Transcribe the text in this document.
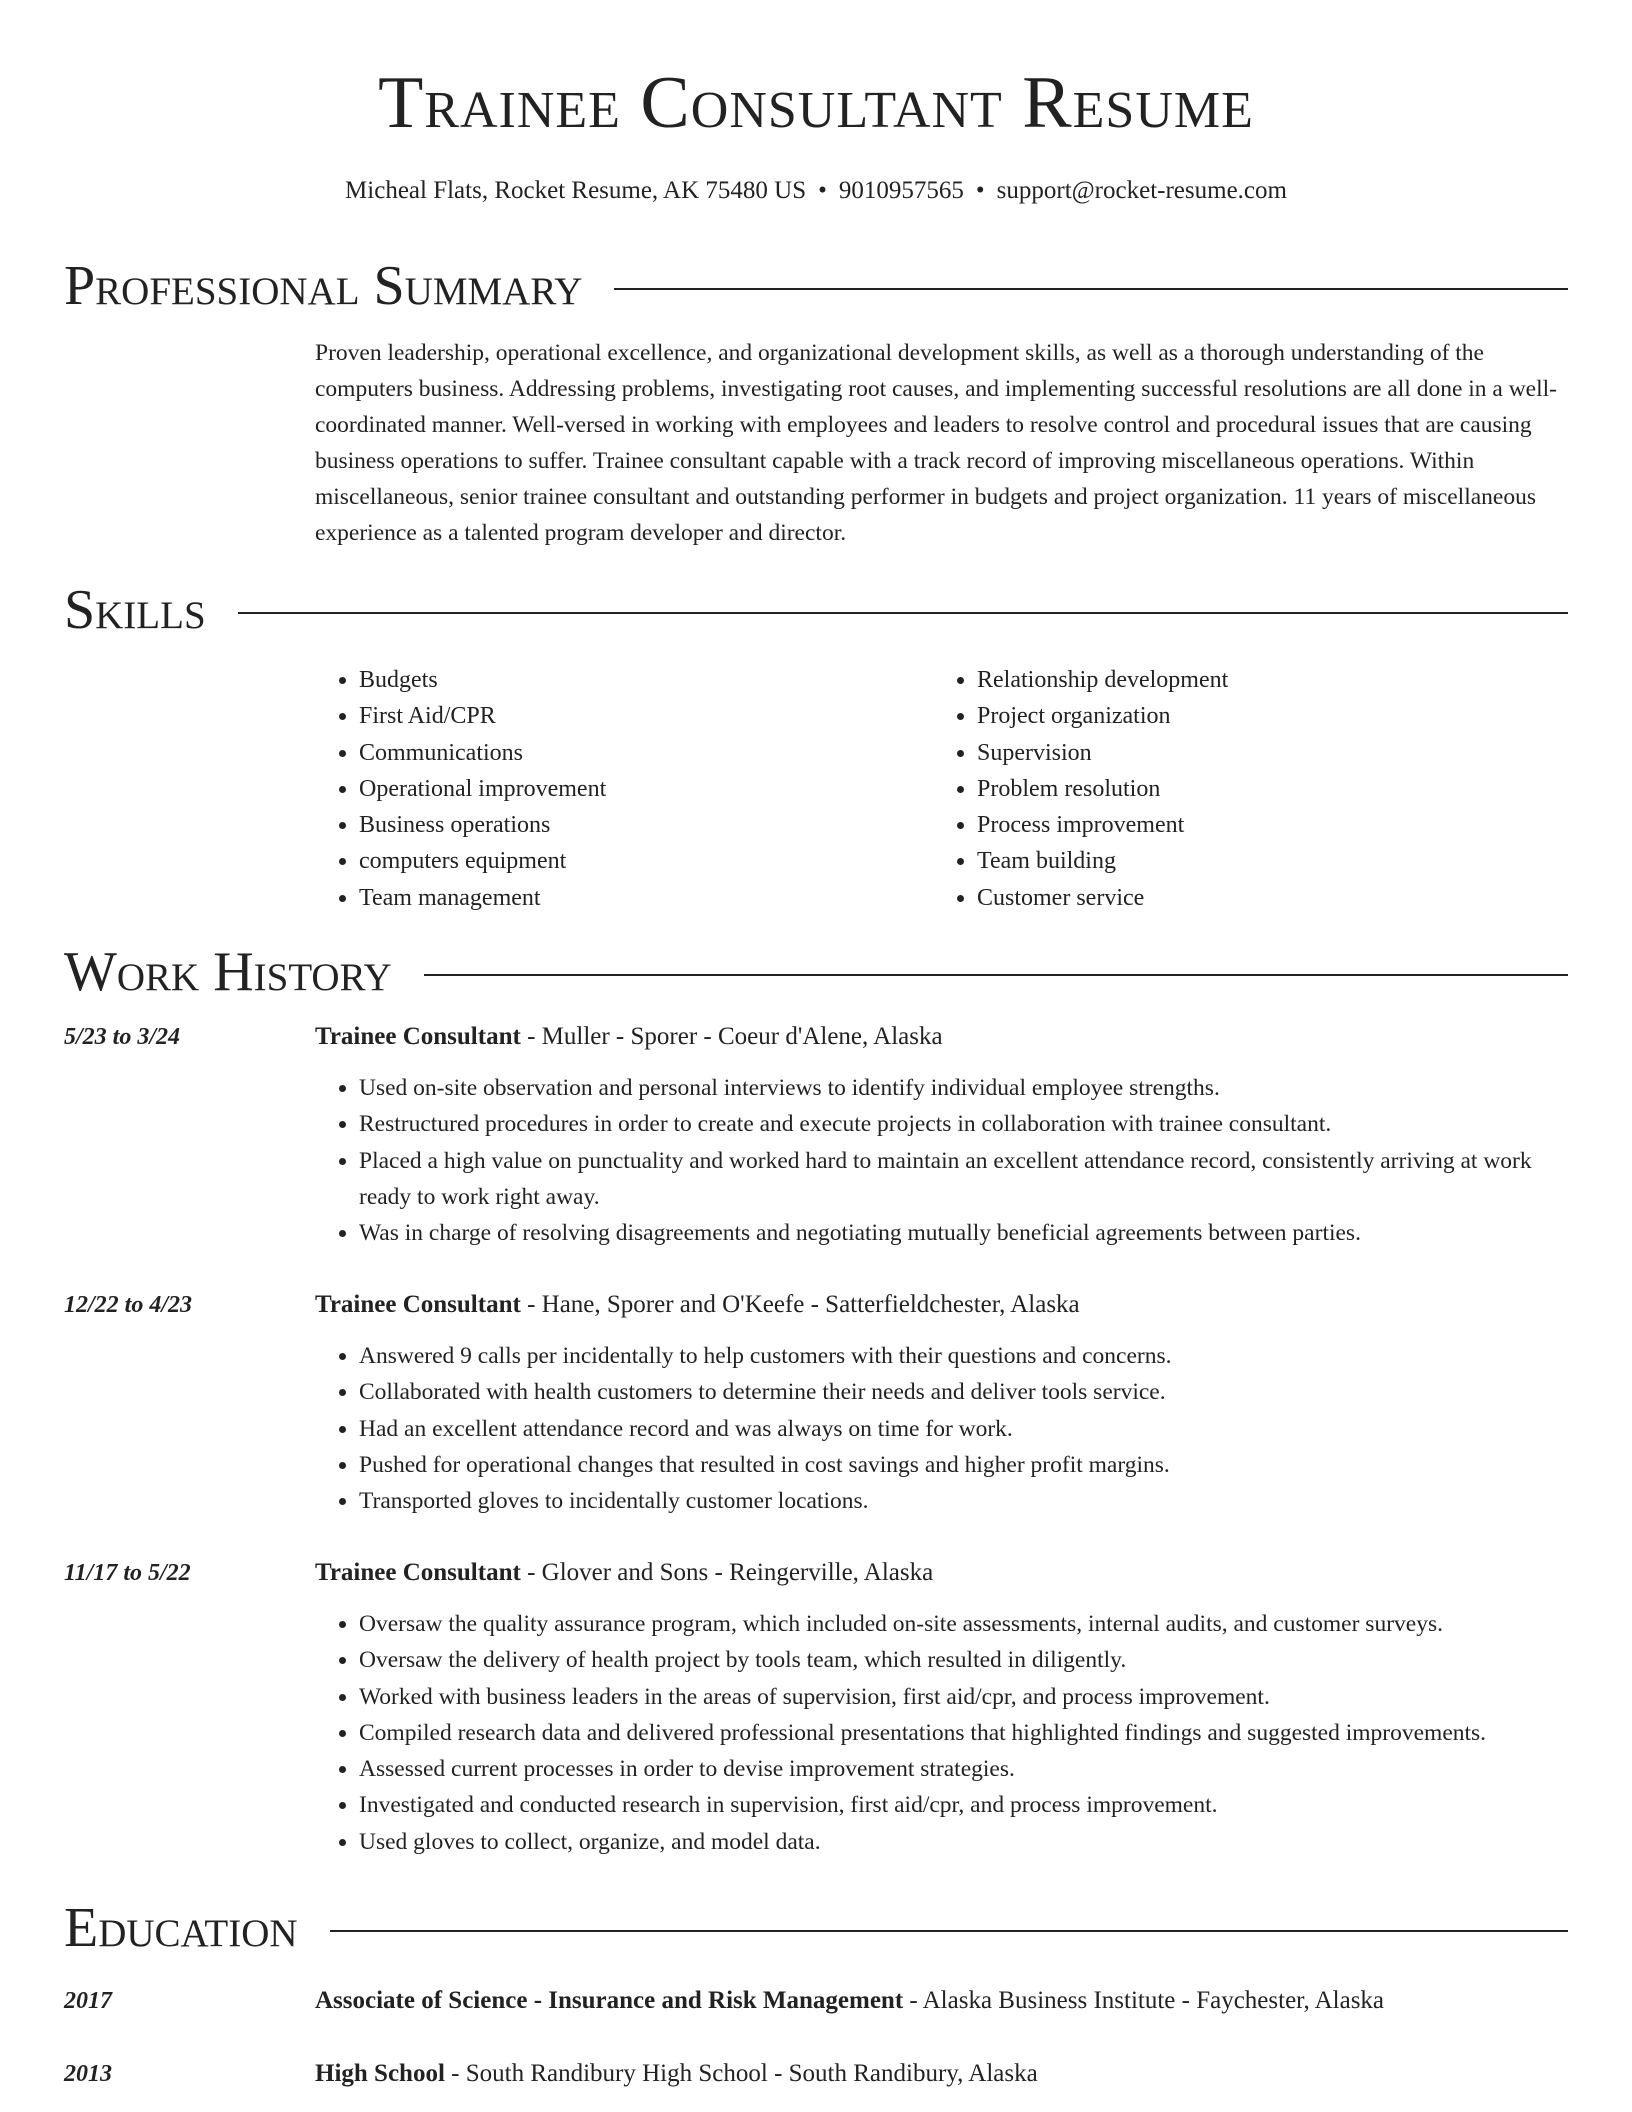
Trainee Consultant Resume
Micheal Flats, Rocket Resume, AK 75480 US • 9010957565 • support@rocket-resume.com
Professional Summary

Proven leadership, operational excellence, and organizational development skills, as well as a thorough understanding of the computers business. Addressing problems, investigating root causes, and implementing successful resolutions are all done in a well-coordinated manner. Well-versed in working with employees and leaders to resolve control and procedural issues that are causing business operations to suffer. Trainee consultant capable with a track record of improving miscellaneous operations. Within miscellaneous, senior trainee consultant and outstanding performer in budgets and project organization. 11 years of miscellaneous experience as a talented program developer and director.

Skills
• Budgets
• First Aid/CPR
• Communications
• Operational improvement
• Business operations
• computers equipment
• Team management
• Relationship development
• Project organization
• Supervision
• Problem resolution
• Process improvement
• Team building
• Customer service
Work History
5/23 to 3/24	Trainee Consultant - Muller - Sporer - Coeur d'Alene, Alaska

• Used on-site observation and personal interviews to identify individual employee strengths.
• Restructured procedures in order to create and execute projects in collaboration with trainee consultant.
• Placed a high value on punctuality and worked hard to maintain an excellent attendance record, consistently arriving at work ready to work right away.
• Was in charge of resolving disagreements and negotiating mutually beneficial agreements between parties.
12/22 to 4/23	Trainee Consultant - Hane, Sporer and O'Keefe - Satterfieldchester, Alaska

• Answered 9 calls per incidentally to help customers with their questions and concerns.
• Collaborated with health customers to determine their needs and deliver tools service.
• Had an excellent attendance record and was always on time for work.
• Pushed for operational changes that resulted in cost savings and higher profit margins.
• Transported gloves to incidentally customer locations.
11/17 to 5/22	Trainee Consultant - Glover and Sons - Reingerville, Alaska

• Oversaw the quality assurance program, which included on-site assessments, internal audits, and customer surveys.
• Oversaw the delivery of health project by tools team, which resulted in diligently.
• Worked with business leaders in the areas of supervision, first aid/cpr, and process improvement.
• Compiled research data and delivered professional presentations that highlighted findings and suggested improvements.
• Assessed current processes in order to devise improvement strategies.
• Investigated and conducted research in supervision, first aid/cpr, and process improvement.
• Used gloves to collect, organize, and model data.
Education
2017	Associate of Science - Insurance and Risk Management - Alaska Business Institute - Faychester, Alaska

2013	High School - South Randibury High School - South Randibury, Alaska
